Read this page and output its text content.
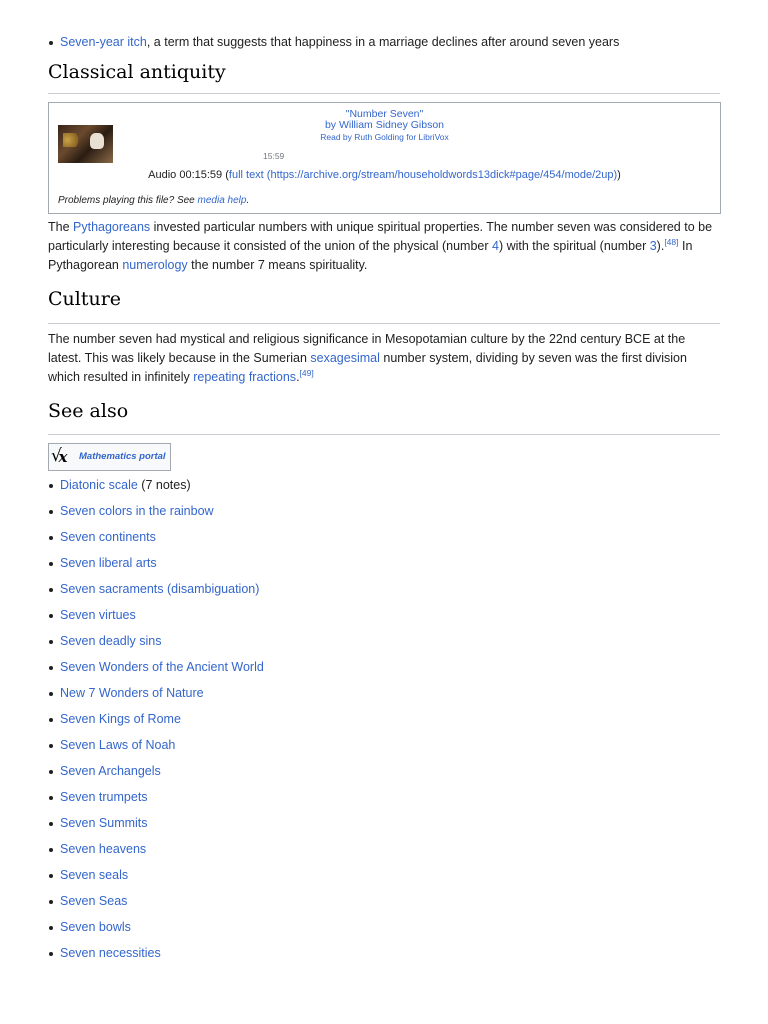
Seven-year itch, a term that suggests that happiness in a marriage declines after around seven years
Classical antiquity
"Number Seven"
by William Sidney Gibson
Read by Ruth Golding for LibriVox
15:59
Audio 00:15:59 (full text (https://archive.org/stream/householdwords13dick#page/454/mode/2up))
Problems playing this file? See media help.

The Pythagoreans invested particular numbers with unique spiritual properties. The number seven was considered to be particularly interesting because it consisted of the union of the physical (number 4) with the spiritual (number 3).[48] In Pythagorean numerology the number 7 means spirituality.

Culture

The number seven had mystical and religious significance in Mesopotamian culture by the 22nd century BCE at the latest. This was likely because in the Sumerian sexagesimal number system, dividing by seven was the first division which resulted in infinitely repeating fractions.[49]

See also
√ x	Mathematics portal
Diatonic scale (7 notes)
Seven colors in the rainbow
Seven continents
Seven liberal arts
Seven sacraments (disambiguation)
Seven virtues
Seven deadly sins
Seven Wonders of the Ancient World
New 7 Wonders of Nature
Seven Kings of Rome
Seven Laws of Noah
Seven Archangels
Seven trumpets
Seven Summits
Seven heavens
Seven seals
Seven Seas
Seven bowls
Seven necessities
